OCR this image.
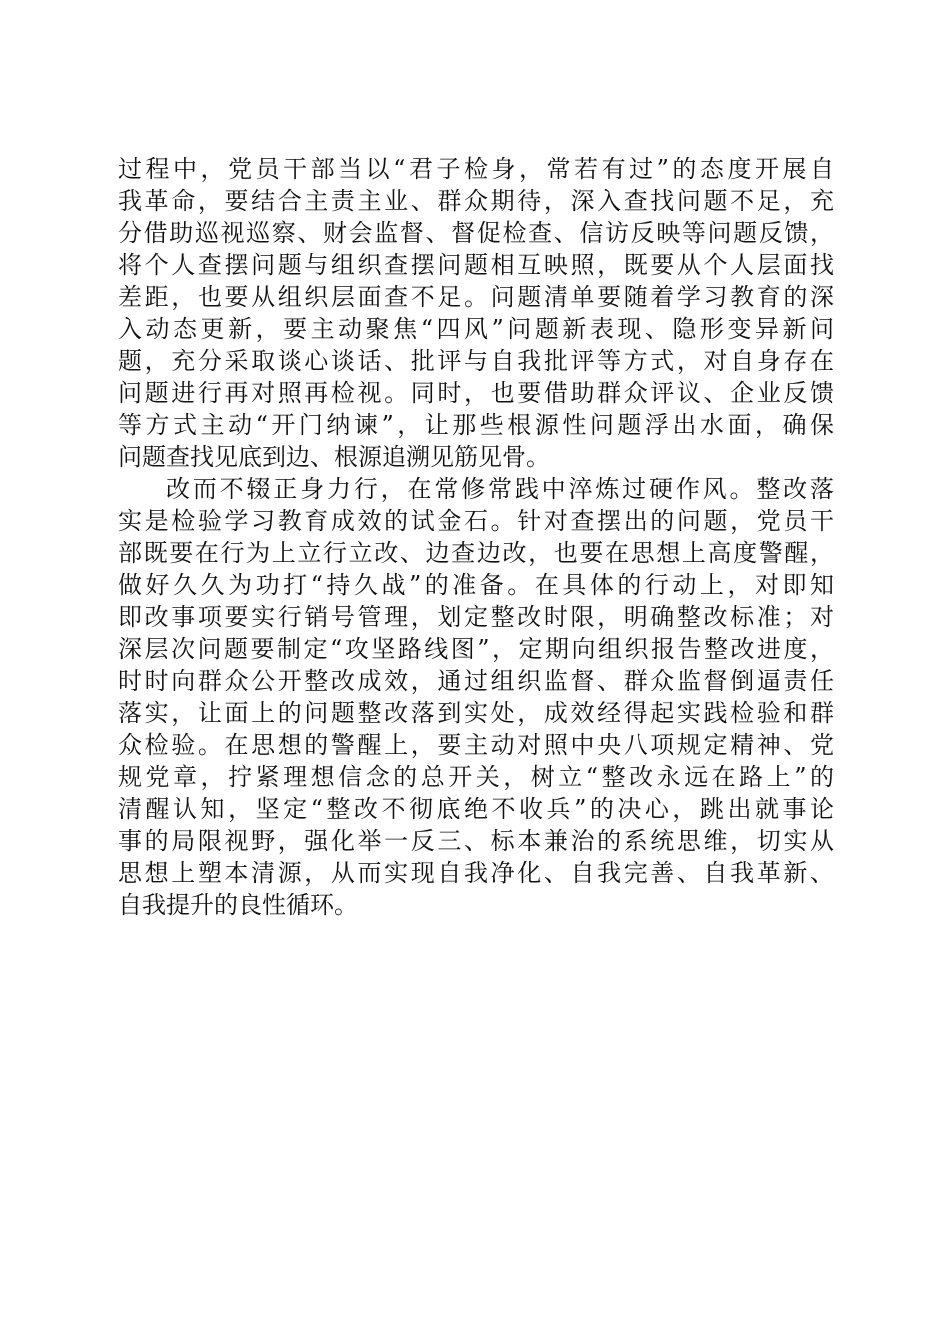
过程中，党员干部当以“君子检身，常若有过”的态度开展自
我革命，要结合主责主业、群众期待，深入查找问题不足，充
分借助巡视巡察、财会监督、督促检查、信访反映等问题反馈，
将个人查摆问题与组织查摆问题相互映照，既要从个人层面找
差距，也要从组织层面查不足。问题清单要随着学习教育的深
入动态更新，要主动聚焦“四风”问题新表现、隐形变异新问
题，充分采取谈心谈话、批评与自我批评等方式，对自身存在
问题进行再对照再检视。同时，也要借助群众评议、企业反馈
等方式主动“开门纳谏”，让那些根源性问题浮出水面，确保
问题查找见底到边、根源追溯见筋见骨。
改而不辍正身力行，在常修常践中淬炼过硬作风。整改落
实是检验学习教育成效的试金石。针对查摆出的问题，党员干
部既要在行为上立行立改、边查边改，也要在思想上高度警醒，
做好久久为功打“持久战”的准备。在具体的行动上，对即知
即改事项要实行销号管理，划定整改时限，明确整改标准；对
深层次问题要制定“攻坚路线图”，定期向组织报告整改进度，
时时向群众公开整改成效，通过组织监督、群众监督倒逼责任
落实，让面上的问题整改落到实处，成效经得起实践检验和群
众检验。在思想的警醒上，要主动对照中央八项规定精神、党
规党章，拧紧理想信念的总开关，树立“整改永远在路上”的
清醒认知，坚定“整改不彻底绝不收兵”的决心，跳出就事论
事的局限视野，强化举一反三、标本兼治的系统思维，切实从
思想上塑本清源，从而实现自我净化、自我完善、自我革新、
自我提升的良性循环。
